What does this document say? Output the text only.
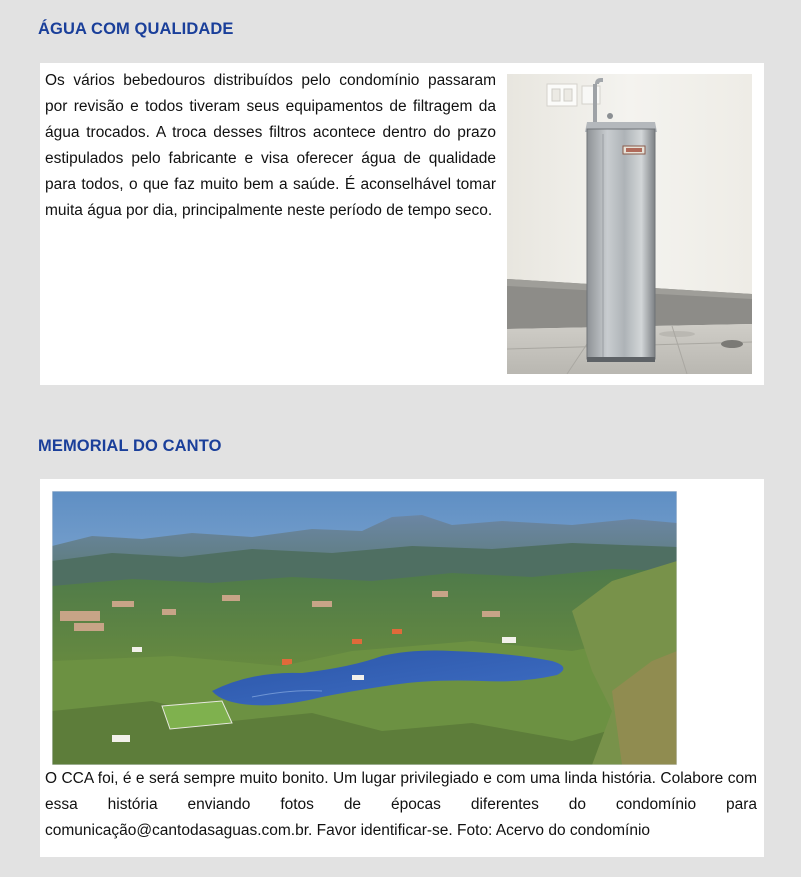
ÁGUA COM QUALIDADE

Os vários bebedouros distribuídos pelo condomínio passaram por revisão e todos tiveram seus equipamentos de filtragem da água trocados. A troca desses filtros acontece dentro do prazo estipulados pelo fabricante e visa oferecer água de qualidade para todos, o que faz muito bem a saúde. É aconselhável tomar muita água por dia, principalmente neste período de tempo seco.

MEMORIAL DO CANTO

O CCA foi, é e será sempre muito bonito. Um lugar privilegiado e com uma linda história. Colabore com essa história enviando fotos de épocas diferentes do condomínio para comunicação@cantodasaguas.com.br. Favor identificar-se. Foto: Acervo do condomínio
